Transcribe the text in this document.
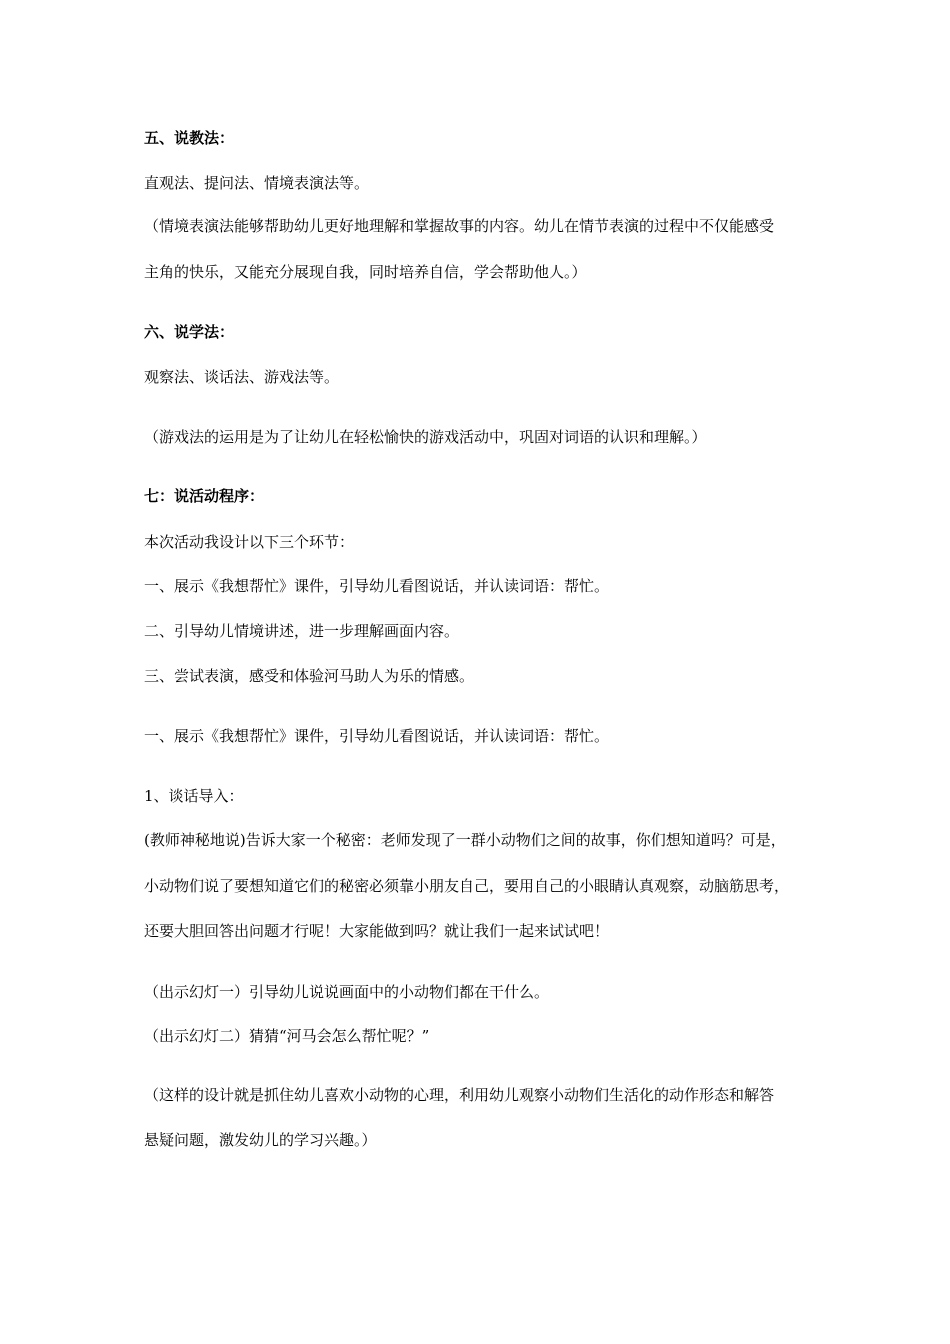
五、说教法：
直观法、提问法、情境表演法等。
（情境表演法能够帮助幼儿更好地理解和掌握故事的内容。幼儿在情节表演的过程中不仅能感受
主角的快乐，又能充分展现自我，同时培养自信，学会帮助他人。）
六、说学法：
观察法、谈话法、游戏法等。
（游戏法的运用是为了让幼儿在轻松愉快的游戏活动中，巩固对词语的认识和理解。）
七：说活动程序：
本次活动我设计以下三个环节：
一、展示《我想帮忙》课件，引导幼儿看图说话，并认读词语：帮忙。
二、引导幼儿情境讲述，进一步理解画面内容。
三、尝试表演，感受和体验河马助人为乐的情感。
一、展示《我想帮忙》课件，引导幼儿看图说话，并认读词语：帮忙。
1、谈话导入：
(教师神秘地说)告诉大家一个秘密：老师发现了一群小动物们之间的故事，你们想知道吗？可是，
小动物们说了要想知道它们的秘密必须靠小朋友自己，要用自己的小眼睛认真观察，动脑筋思考，
还要大胆回答出问题才行呢！大家能做到吗？就让我们一起来试试吧！
（出示幻灯一）引导幼儿说说画面中的小动物们都在干什么。
（出示幻灯二）猜猜“河马会怎么帮忙呢？”
（这样的设计就是抓住幼儿喜欢小动物的心理，利用幼儿观察小动物们生活化的动作形态和解答
悬疑问题，激发幼儿的学习兴趣。）
